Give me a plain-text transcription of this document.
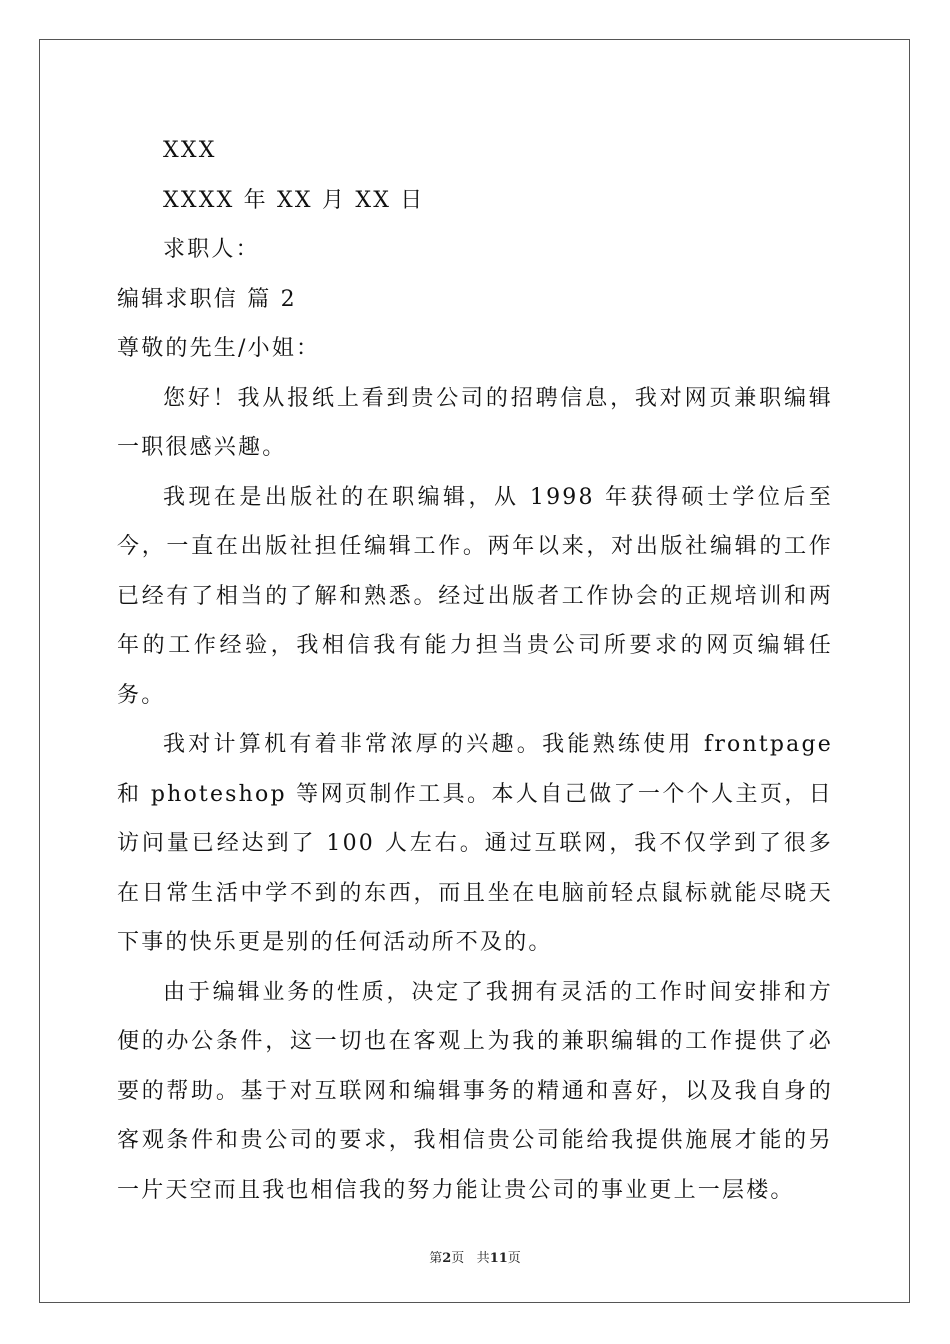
XXX
XXXX 年 XX 月 XX 日
求职人：
编辑求职信 篇 2
尊敬的先生/小姐：

您好！我从报纸上看到贵公司的招聘信息，我对网页兼职编辑一职很感兴趣。

我现在是出版社的在职编辑，从 1998 年获得硕士学位后至今，一直在出版社担任编辑工作。两年以来，对出版社编辑的工作已经有了相当的了解和熟悉。经过出版者工作协会的正规培训和两年的工作经验，我相信我有能力担当贵公司所要求的网页编辑任务。

我对计算机有着非常浓厚的兴趣。我能熟练使用 frontpage 和 photeshop 等网页制作工具。本人自己做了一个个人主页，日访问量已经达到了 100 人左右。通过互联网，我不仅学到了很多在日常生活中学不到的东西，而且坐在电脑前轻点鼠标就能尽晓天下事的快乐更是别的任何活动所不及的。

由于编辑业务的性质，决定了我拥有灵活的工作时间安排和方便的办公条件，这一切也在客观上为我的兼职编辑的工作提供了必要的帮助。基于对互联网和编辑事务的精通和喜好，以及我自身的客观条件和贵公司的要求，我相信贵公司能给我提供施展才能的另一片天空而且我也相信我的努力能让贵公司的事业更上一层楼。

第2页 共11页
